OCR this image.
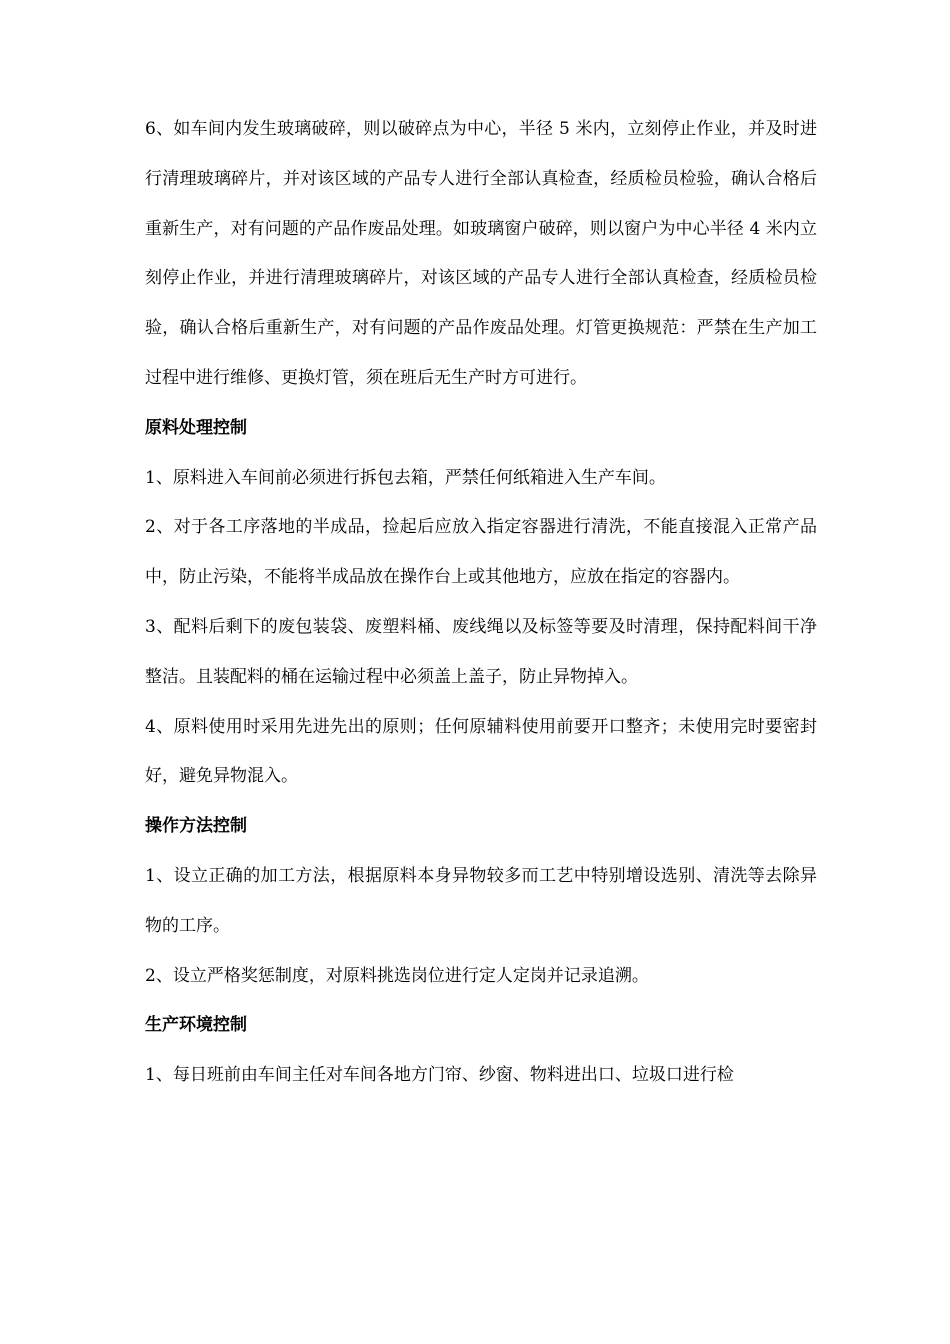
6、如车间内发生玻璃破碎，则以破碎点为中心，半径 5 米内，立刻停止作业，并及时进行清理玻璃碎片，并对该区域的产品专人进行全部认真检查，经质检员检验，确认合格后重新生产，对有问题的产品作废品处理。如玻璃窗户破碎，则以窗户为中心半径 4 米内立刻停止作业，并进行清理玻璃碎片，对该区域的产品专人进行全部认真检查，经质检员检验，确认合格后重新生产，对有问题的产品作废品处理。灯管更换规范：严禁在生产加工过程中进行维修、更换灯管，须在班后无生产时方可进行。

原料处理控制

1、原料进入车间前必须进行拆包去箱，严禁任何纸箱进入生产车间。

2、对于各工序落地的半成品，捡起后应放入指定容器进行清洗，不能直接混入正常产品中，防止污染，不能将半成品放在操作台上或其他地方，应放在指定的容器内。

3、配料后剩下的废包装袋、废塑料桶、废线绳以及标签等要及时清理，保持配料间干净整洁。且装配料的桶在运输过程中必须盖上盖子，防止异物掉入。

4、原料使用时采用先进先出的原则；任何原辅料使用前要开口整齐；未使用完时要密封好，避免异物混入。

操作方法控制

1、设立正确的加工方法，根据原料本身异物较多而工艺中特别增设选别、清洗等去除异物的工序。

2、设立严格奖惩制度，对原料挑选岗位进行定人定岗并记录追溯。

生产环境控制

1、每日班前由车间主任对车间各地方门帘、纱窗、物料进出口、垃圾口进行检
